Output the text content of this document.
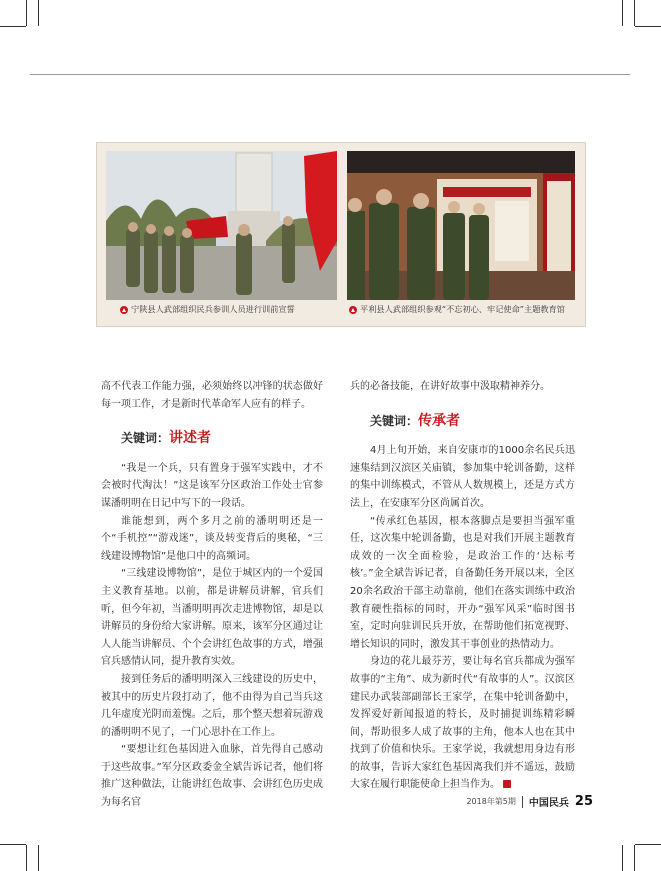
宁陕县人武部组织民兵参训人员进行训前宣誓	平利县人武部组织参观“不忘初心、牢记使命”主题教育馆

高不代表工作能力强，必须始终以冲锋的状态做好每一项工作，才是新时代革命军人应有的样子。

关键词： 讲述者

“我是一个兵，只有置身于强军实践中，才不会被时代淘汰！”这是该军分区政治工作处士官参谋潘明明在日记中写下的一段话。

谁能想到，两个多月之前的潘明明还是一个“手机控”“游戏迷”，谈及转变背后的奥秘，“三线建设博物馆”是他口中的高频词。

“三线建设博物馆”，是位于城区内的一个爱国主义教育基地。以前，都是讲解员讲解，官兵们听，但今年初，当潘明明再次走进博物馆，却是以讲解员的身份给大家讲解。原来，该军分区通过让人人能当讲解员、个个会讲红色故事的方式，增强官兵感情认同，提升教育实效。

接到任务后的潘明明深入三线建设的历史中，被其中的历史片段打动了，他不由得为自己当兵这几年虚度光阴而羞愧。之后，那个整天想着玩游戏的潘明明不见了，一门心思扑在工作上。

“要想让红色基因进入血脉，首先得自己感动于这些故事。”军分区政委金全斌告诉记者，他们将推广这种做法，让能讲红色故事、会讲红色历史成为每名官

兵的必备技能，在讲好故事中汲取精神养分。

关键词： 传承者

4月上旬开始，来自安康市的1000余名民兵迅速集结到汉滨区关庙镇，参加集中轮训备勤，这样的集中训练模式，不管从人数规模上，还是方式方法上，在安康军分区尚属首次。

“传承红色基因，根本落脚点是要担当强军重任，这次集中轮训备勤，也是对我们开展主题教育成效的一次全面检验，是政治工作的‘达标考核’。”金全斌告诉记者，自备勤任务开展以来，全区20余名政治干部主动靠前，他们在落实训练中政治教育硬性指标的同时，开办“强军风采”临时图书室，定时向驻训民兵开放，在帮助他们拓宽视野、增长知识的同时，激发其干事创业的热情动力。

身边的花儿最芬芳，要让每名官兵都成为强军故事的“主角”、成为新时代“有故事的人”。汉滨区建民办武装部副部长王家学，在集中轮训备勤中，发挥爱好新闻报道的特长，及时捕捉训练精彩瞬间，帮助很多人成了故事的主角，他本人也在其中找到了价值和快乐。王家学说，我就想用身边有形的故事，告诉大家红色基因离我们并不遥远，鼓励大家在履行职能使命上担当作为。

2018年第5期 中国民兵 25
